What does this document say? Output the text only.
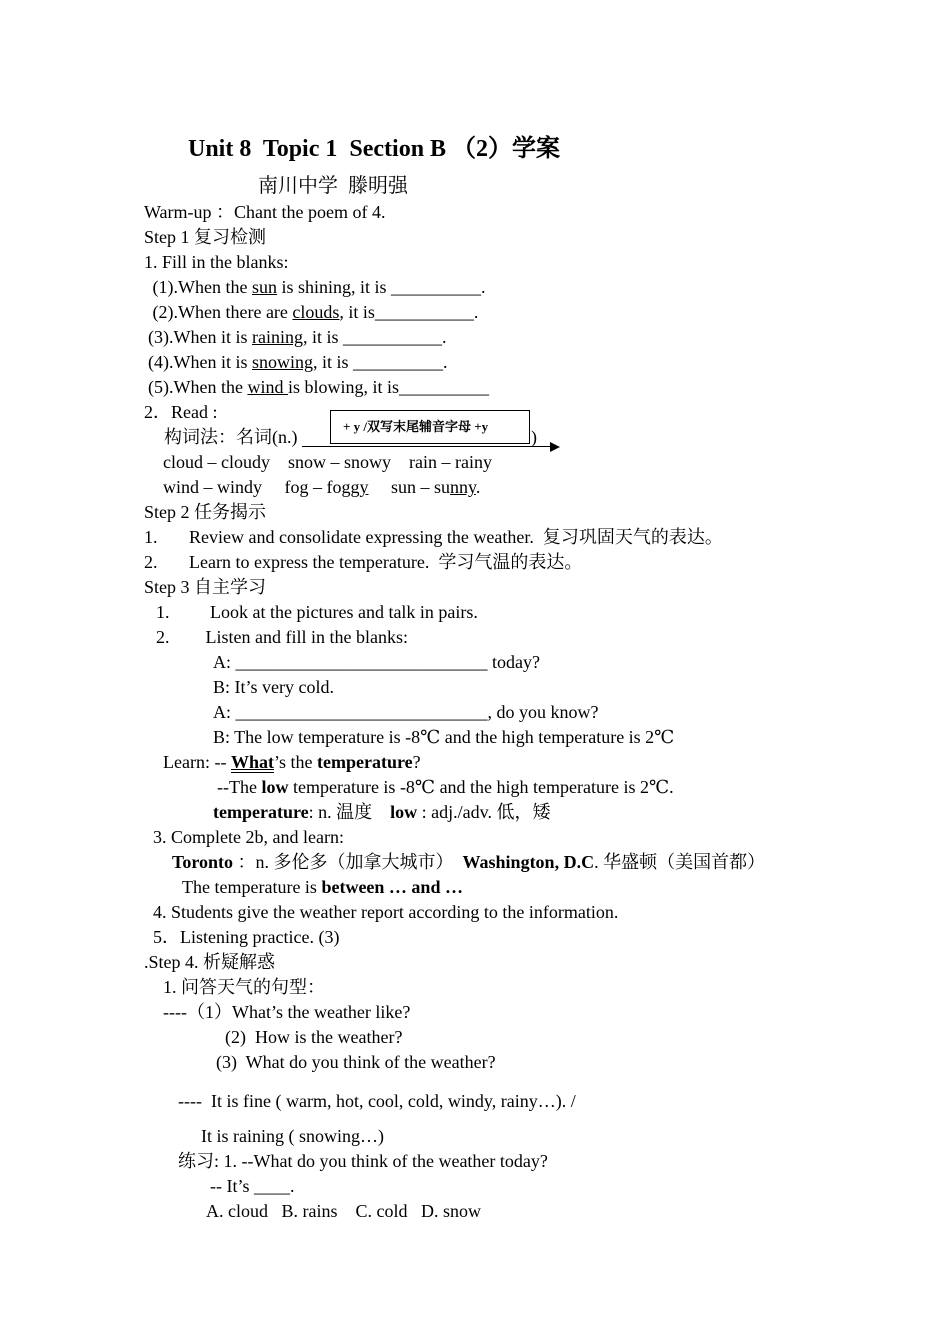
Unit 8  Topic 1  Section B （2）学案
南川中学  滕明强
Warm-up ：Chant the poem of 4.
Step 1 复习检测
1. Fill in the blanks:
(1).When the sun is shining, it is __________.
(2).When there are clouds, it is___________.
(3).When it is raining, it is ___________.
(4).When it is snowing, it is __________.
(5).When the wind is blowing, it is__________
2．Read :
构词法：名词(n.)
+ y /双写末尾辅音字母 +y
)
cloud – cloudy    snow – snowy    rain – rainy
wind – windy     fog – foggy     sun – sunny.
Step 2 任务揭示
1.       Review and consolidate expressing the weather.  复习巩固天气的表达。
2.       Learn to express the temperature.  学习气温的表达。
Step 3 自主学习
1.         Look at the pictures and talk in pairs.
2.        Listen and fill in the blanks:
A: ____________________________ today?
B: It’s very cold.
A: ____________________________, do you know?
B: The low temperature is -8℃ and the high temperature is 2℃
Learn: -- What’s the temperature?
--The low temperature is -8℃ and the high temperature is 2℃.
temperature: n. 温度    low : adj./adv. 低，矮
3. Complete 2b, and learn:
Toronto ：n. 多伦多（加拿大城市）  Washington, D.C. 华盛顿（美国首都）
The temperature is between … and …
4. Students give the weather report according to the information.
5．Listening practice. (3)
.Step 4. 析疑解惑
1. 问答天气的句型：
----（1）What’s the weather like?
(2)  How is the weather?
(3)  What do you think of the weather?
----  It is fine ( warm, hot, cool, cold, windy, rainy…). /
It is raining ( snowing…)
练习: 1. --What do you think of the weather today?
-- It’s ____.
A. cloud   B. rains    C. cold   D. snow
